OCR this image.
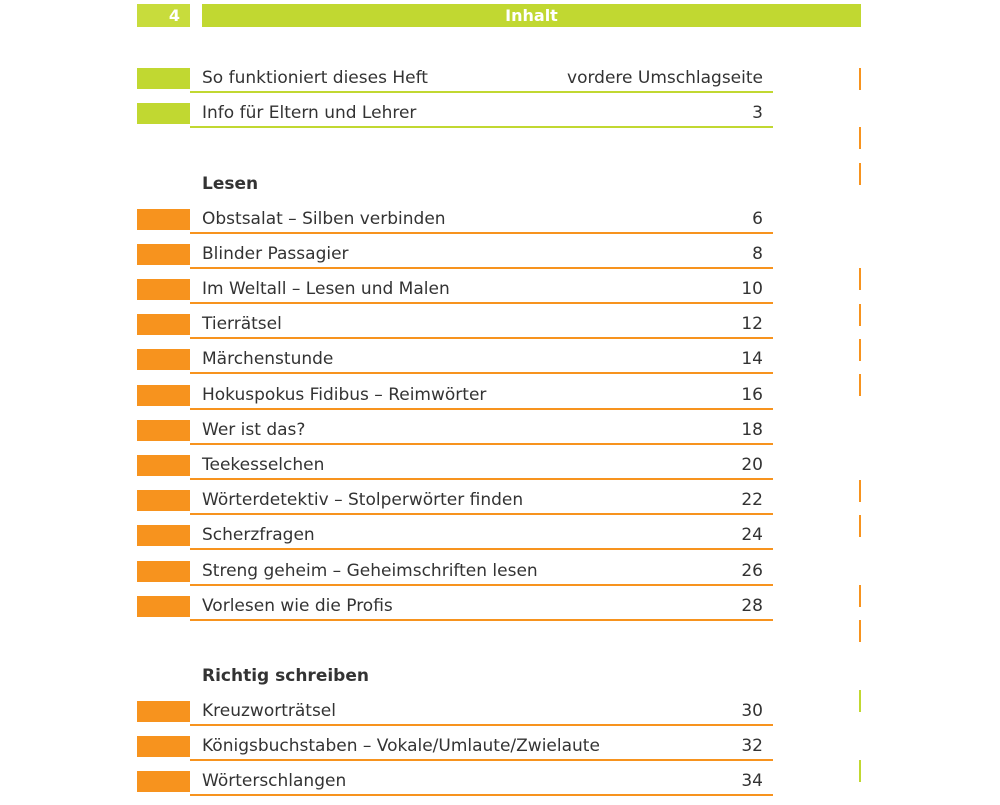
4	Inhalt
So funktioniert dieses Heft	vordere Umschlagseite
Info für Eltern und Lehrer	3
Lesen
Obstsalat – Silben verbinden	6
Blinder Passagier	8
Im Weltall – Lesen und Malen	10
Tierrätsel	12
Märchenstunde	14
Hokuspokus Fidibus – Reimwörter	16
Wer ist das?	18
Teekesselchen	20
Wörterdetektiv – Stolperwörter finden	22
Scherzfragen	24
Streng geheim – Geheimschriften lesen	26
Vorlesen wie die Profis	28
Richtig schreiben
Kreuzworträtsel	30
Königsbuchstaben – Vokale/Umlaute/Zwielaute	32
Wörterschlangen	34
